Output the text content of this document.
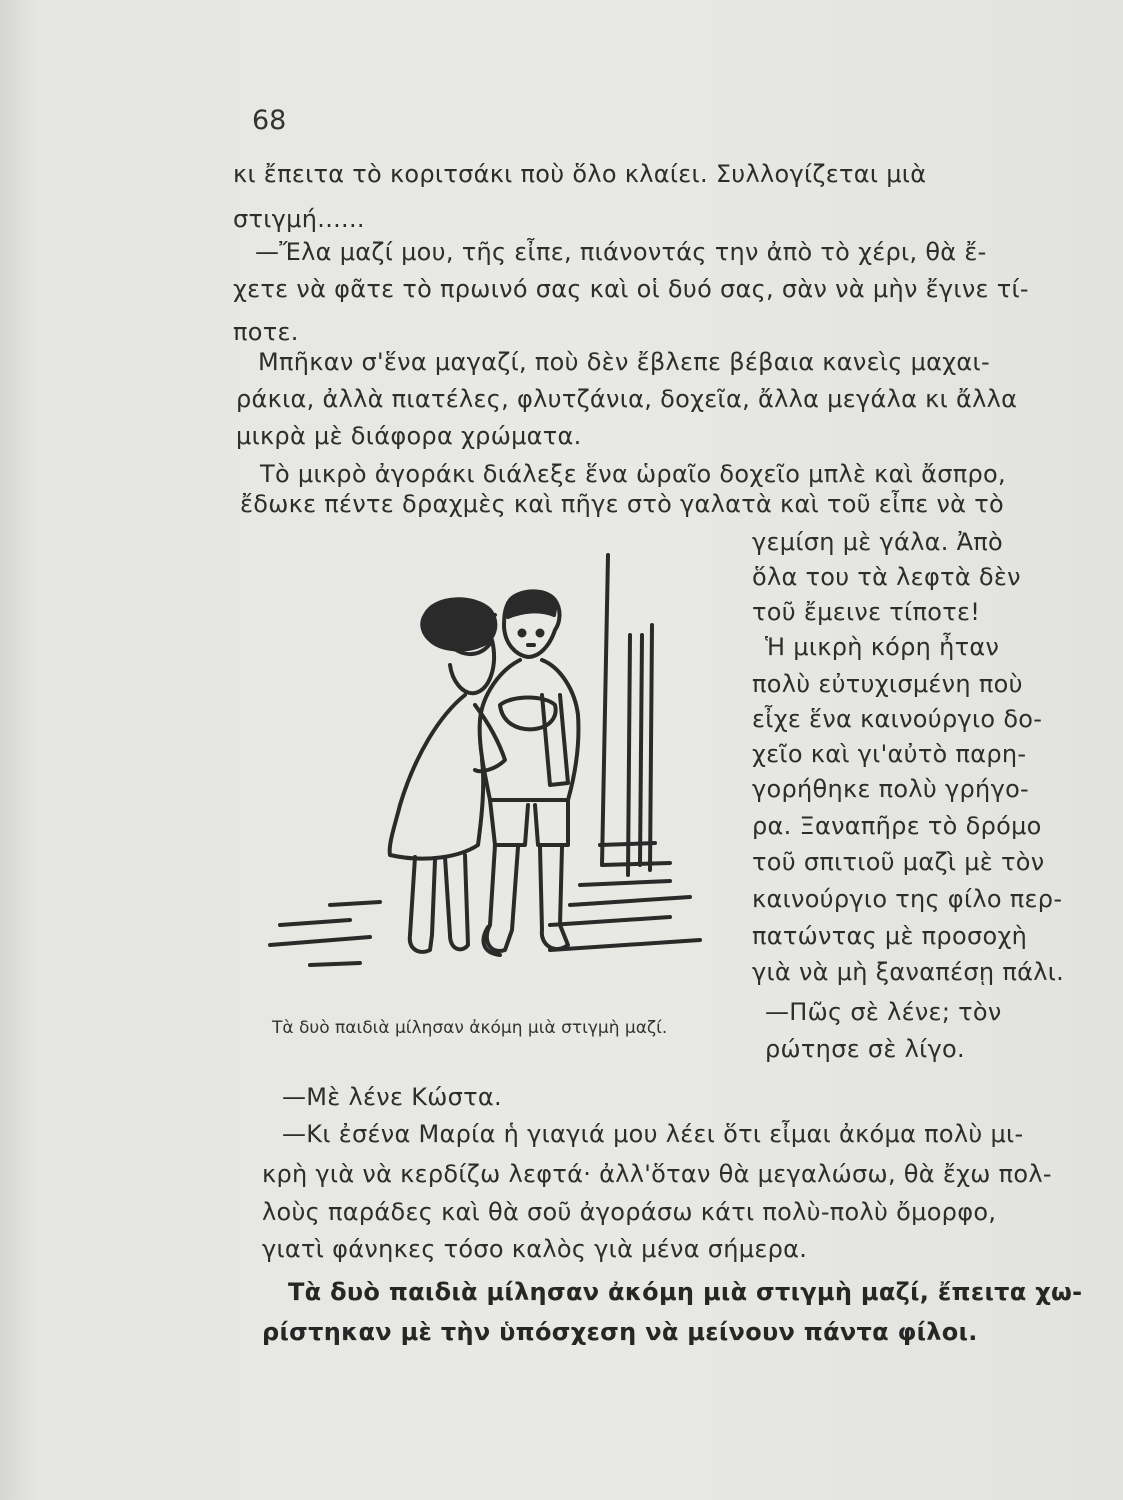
68
κι ἔπειτα τὸ κοριτσάκι ποὺ ὅλο κλαίει. Συλλογίζεται μιὰ
στιγμή......
—Ἔλα μαζί μου, τῆς εἶπε, πιάνοντάς την ἀπὸ τὸ χέρι, θὰ ἔ-
χετε νὰ φᾶτε τὸ πρωινό σας καὶ οἱ δυό σας, σὰν νὰ μὴν ἔγινε τί-
ποτε.
Μπῆκαν σ'ἕνα μαγαζί, ποὺ δὲν ἔβλεπε βέβαια κανεὶς μαχαι-
ράκια, ἀλλὰ πιατέλες, φλυτζάνια, δοχεῖα, ἄλλα μεγάλα κι ἄλλα
μικρὰ μὲ διάφορα χρώματα.
Τὸ μικρὸ ἀγοράκι διάλεξε ἕνα ὡραῖο δοχεῖο μπλὲ καὶ ἄσπρο,
ἔδωκε πέντε δραχμὲς καὶ πῆγε στὸ γαλατὰ καὶ τοῦ εἶπε νὰ τὸ
γεμίση μὲ γάλα. Ἀπὸ
ὅλα του τὰ λεφτὰ δὲν
τοῦ ἔμεινε τίποτε!
Ἡ μικρὴ κόρη ἦταν
πολὺ εὐτυχισμένη ποὺ
εἶχε ἕνα καινούργιο δο-
χεῖο καὶ γι'αὐτὸ παρη-
γορήθηκε πολὺ γρήγο-
ρα. Ξαναπῆρε τὸ δρόμο
τοῦ σπιτιοῦ μαζὶ μὲ τὸν
καινούργιο της φίλο περ-
πατώντας μὲ προσοχὴ
γιὰ νὰ μὴ ξαναπέσῃ πάλι.
—Πῶς σὲ λένε; τὸν
ρώτησε σὲ λίγο.
Τὰ δυὸ παιδιὰ μίλησαν ἀκόμη μιὰ στιγμὴ μαζί.
—Μὲ λένε Κώστα.
—Κι ἐσένα Μαρία ἡ γιαγιά μου λέει ὅτι εἶμαι ἀκόμα πολὺ μι-
κρὴ γιὰ νὰ κερδίζω λεφτά· ἀλλ'ὅταν θὰ μεγαλώσω, θὰ ἔχω πολ-
λοὺς παράδες καὶ θὰ σοῦ ἀγοράσω κάτι πολὺ-πολὺ ὄμορφο,
γιατὶ φάνηκες τόσο καλὸς γιὰ μένα σήμερα.
Τὰ δυὸ παιδιὰ μίλησαν ἀκόμη μιὰ στιγμὴ μαζί, ἔπειτα χω-
ρίστηκαν μὲ τὴν ὑπόσχεση νὰ μείνουν πάντα φίλοι.
